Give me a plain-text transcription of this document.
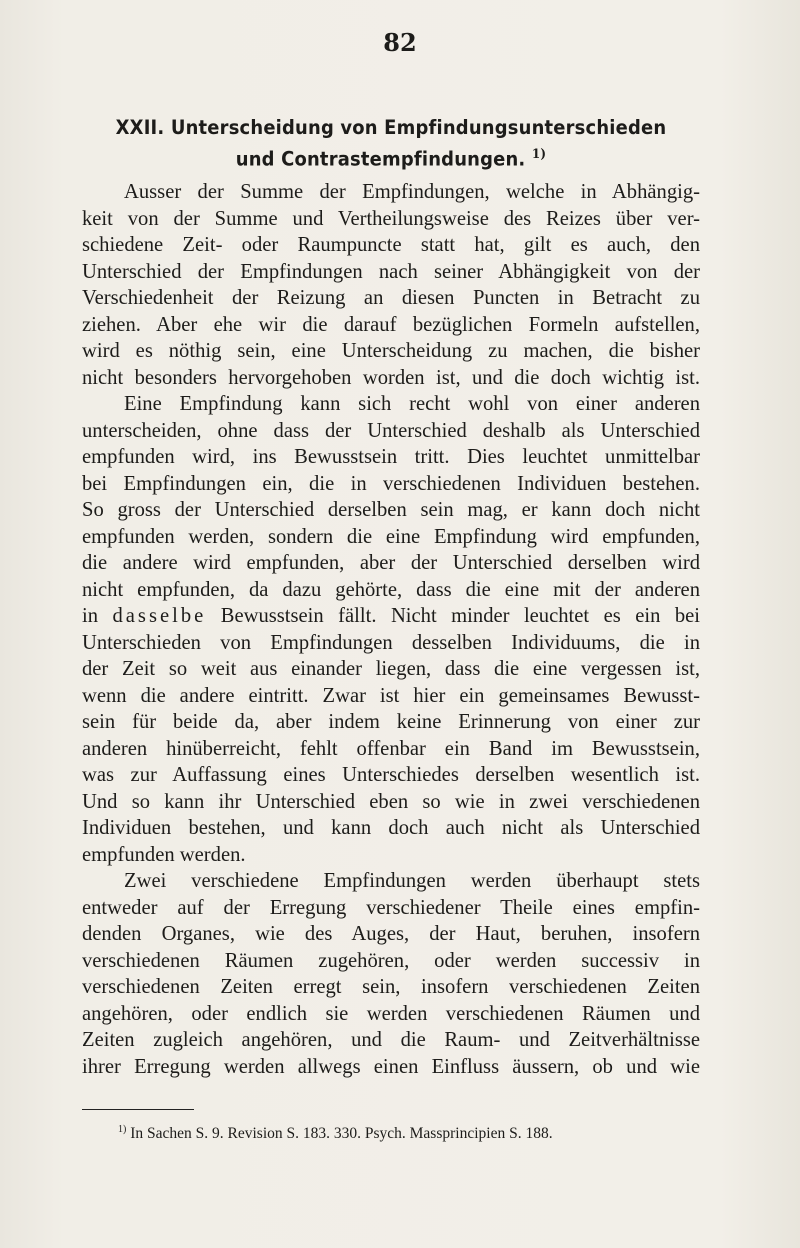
82
XXII. Unterscheidung von Empfindungsunterschieden
und Contrastempfindungen. $^{1)}$
Ausser der Summe der Empfindungen, welche in Abhängig-
keit von der Summe und Vertheilungsweise des Reizes über ver-
schiedene Zeit- oder Raumpuncte statt hat, gilt es auch, den
Unterschied der Empfindungen nach seiner Abhängigkeit von der
Verschiedenheit der Reizung an diesen Puncten in Betracht zu
ziehen. Aber ehe wir die darauf bezüglichen Formeln aufstellen,
wird es nöthig sein, eine Unterscheidung zu machen, die bisher
nicht besonders hervorgehoben worden ist, und die doch wichtig ist.
Eine Empfindung kann sich recht wohl von einer anderen
unterscheiden, ohne dass der Unterschied deshalb als Unterschied
empfunden wird, ins Bewusstsein tritt. Dies leuchtet unmittelbar
bei Empfindungen ein, die in verschiedenen Individuen bestehen.
So gross der Unterschied derselben sein mag, er kann doch nicht
empfunden werden, sondern die eine Empfindung wird empfunden,
die andere wird empfunden, aber der Unterschied derselben wird
nicht empfunden, da dazu gehörte, dass die eine mit der anderen
in dasselbe Bewusstsein fällt. Nicht minder leuchtet es ein bei
Unterschieden von Empfindungen desselben Individuums, die in
der Zeit so weit aus einander liegen, dass die eine vergessen ist,
wenn die andere eintritt. Zwar ist hier ein gemeinsames Bewusst-
sein für beide da, aber indem keine Erinnerung von einer zur
anderen hinüberreicht, fehlt offenbar ein Band im Bewusstsein,
was zur Auffassung eines Unterschiedes derselben wesentlich ist.
Und so kann ihr Unterschied eben so wie in zwei verschiedenen
Individuen bestehen, und kann doch auch nicht als Unterschied
empfunden werden.
Zwei verschiedene Empfindungen werden überhaupt stets
entweder auf der Erregung verschiedener Theile eines empfin-
denden Organes, wie des Auges, der Haut, beruhen, insofern
verschiedenen Räumen zugehören, oder werden successiv in
verschiedenen Zeiten erregt sein, insofern verschiedenen Zeiten
angehören, oder endlich sie werden verschiedenen Räumen und
Zeiten zugleich angehören, und die Raum- und Zeitverhältnisse
ihrer Erregung werden allwegs einen Einfluss äussern, ob und wie
$^{1)}$ In Sachen S. 9. Revision S. 183. 330. Psych. Massprincipien S. 188.
